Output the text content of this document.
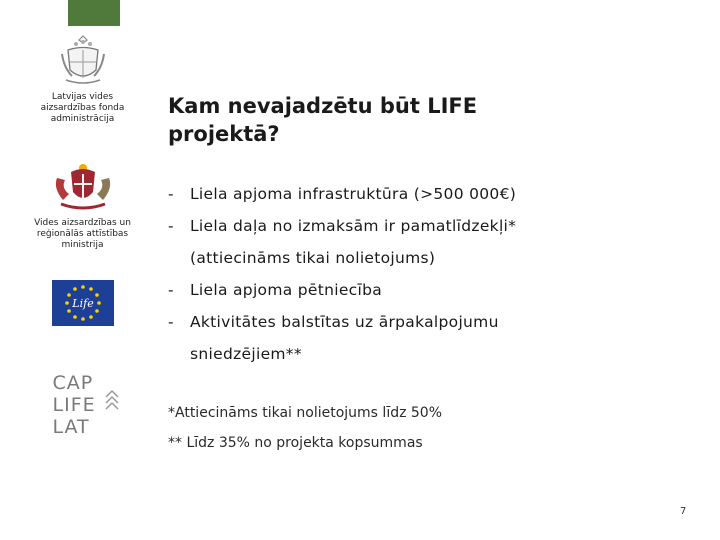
Latvijas vides
aizsardzības fonda
administrācija
Vides aizsardzības un
reģionālās attīstības
ministrija
Life
CAP
LIFE
LAT
Kam nevajadzētu būt LIFE
projektā?
- Liela apjoma infrastruktūra (>500 000€)
- Liela daļa no izmaksām ir pamatlīdzekļi*
(attiecināms tikai nolietojums)
- Liela apjoma pētniecība
- Aktivitātes balstītas uz ārpakalpojumu
sniedzējiem**
*Attiecināms tikai nolietojums līdz 50%
** Līdz 35% no projekta kopsummas
7
